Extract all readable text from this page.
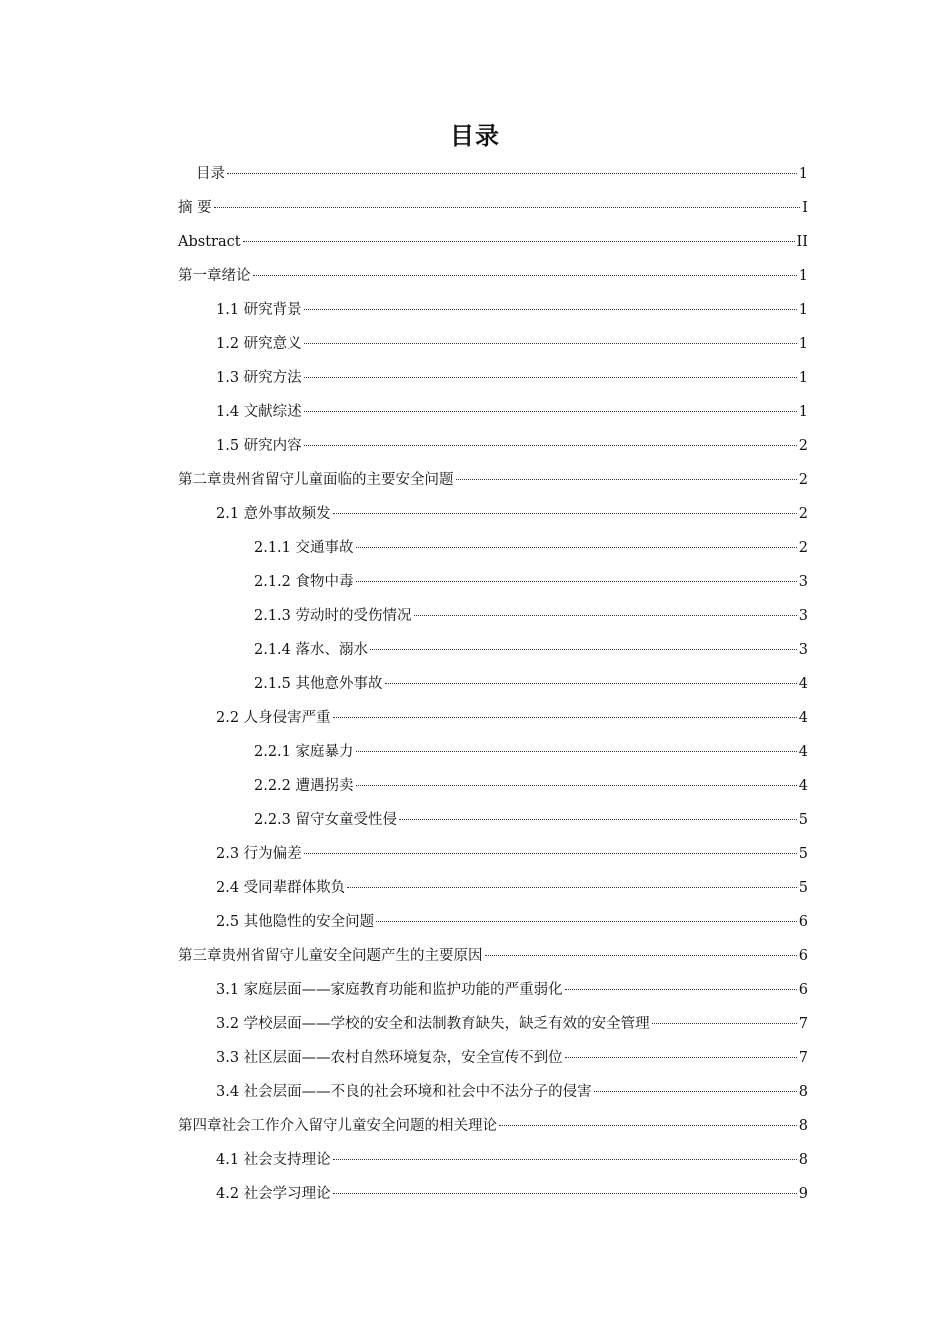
目录
目录	1
摘 要	I
Abstract	II
第一章绪论	1
1.1 研究背景	1
1.2 研究意义	1
1.3 研究方法	1
1.4 文献综述	1
1.5 研究内容	2
第二章贵州省留守儿童面临的主要安全问题	2
2.1 意外事故频发	2
2.1.1 交通事故	2
2.1.2 食物中毒	3
2.1.3 劳动时的受伤情况	3
2.1.4 落水、溺水	3
2.1.5 其他意外事故	4
2.2 人身侵害严重	4
2.2.1 家庭暴力	4
2.2.2 遭遇拐卖	4
2.2.3 留守女童受性侵	5
2.3 行为偏差	5
2.4 受同辈群体欺负	5
2.5 其他隐性的安全问题	6
第三章贵州省留守儿童安全问题产生的主要原因	6
3.1 家庭层面——家庭教育功能和监护功能的严重弱化	6
3.2 学校层面——学校的安全和法制教育缺失，缺乏有效的安全管理	7
3.3 社区层面——农村自然环境复杂，安全宣传不到位	7
3.4 社会层面——不良的社会环境和社会中不法分子的侵害	8
第四章社会工作介入留守儿童安全问题的相关理论	8
4.1 社会支持理论	8
4.2 社会学习理论	9
